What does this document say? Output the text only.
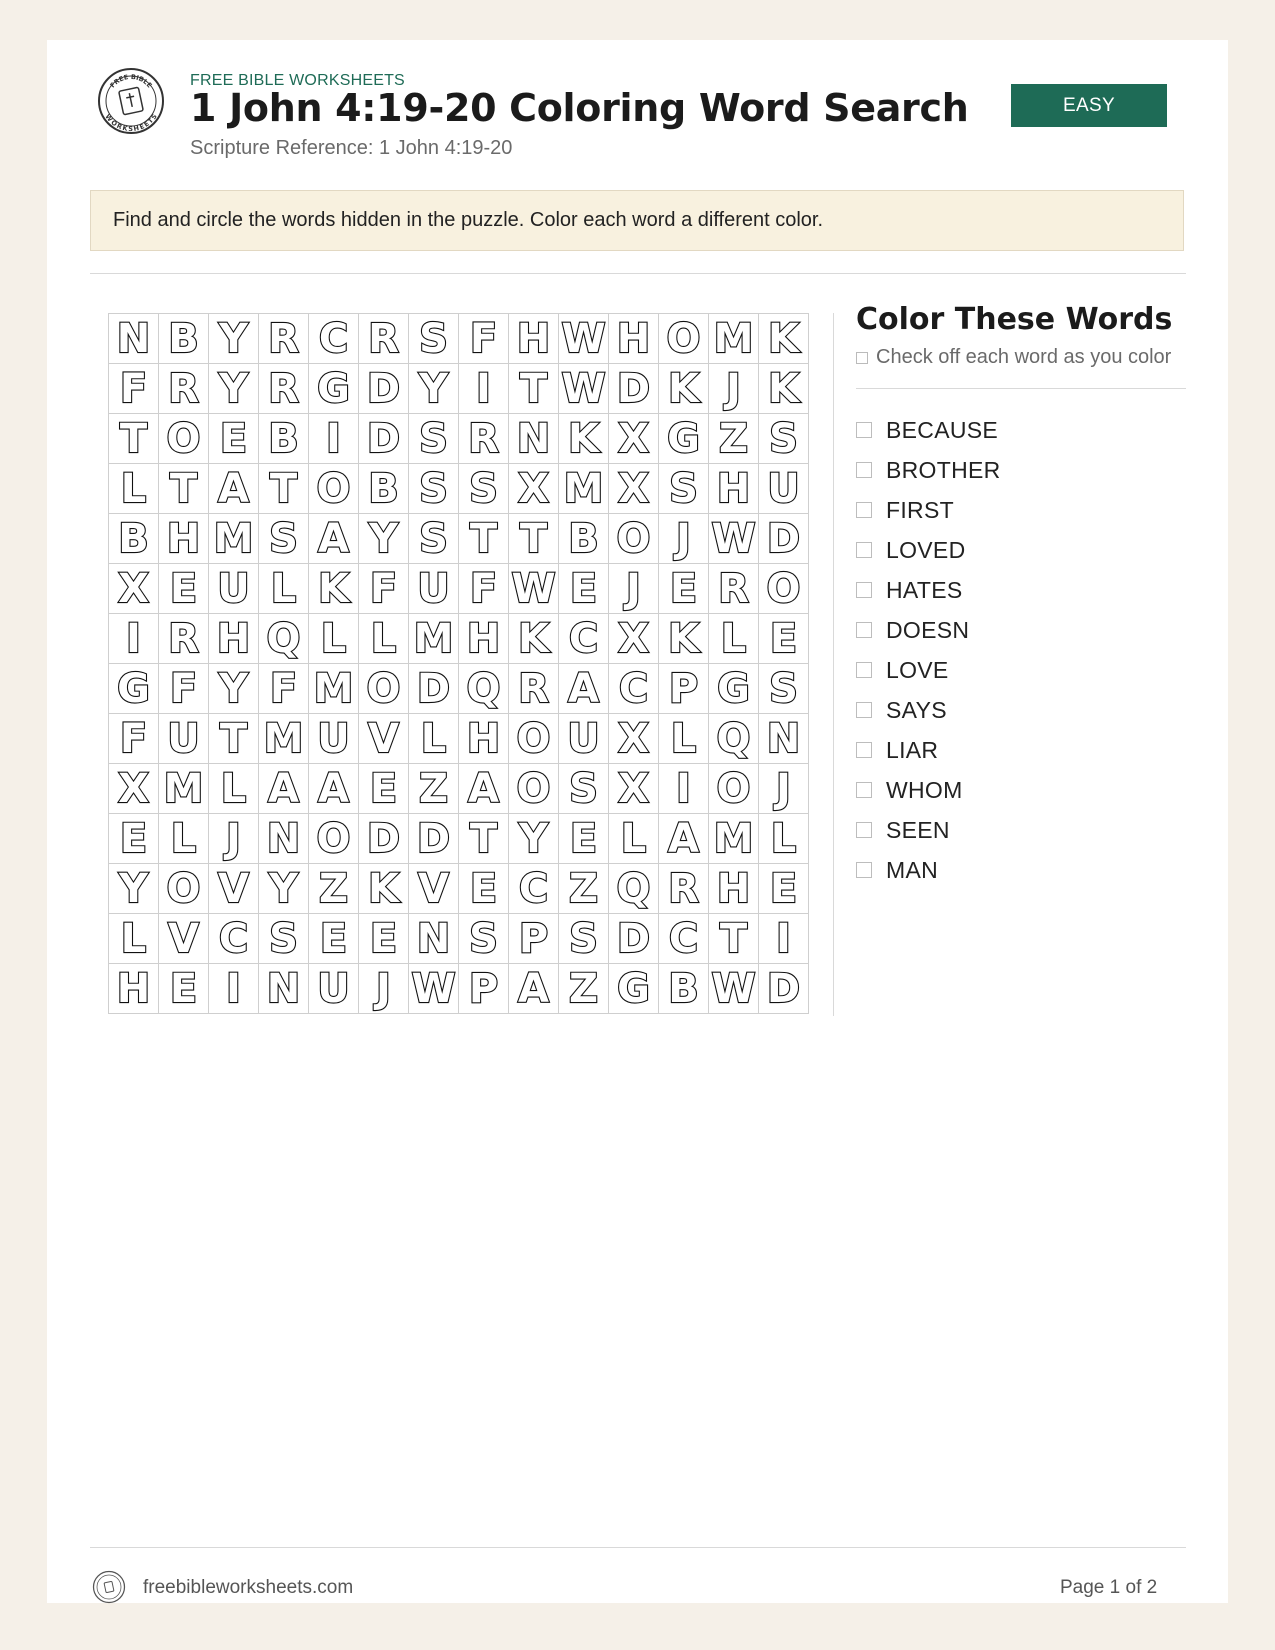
FREE BIBLE
WORKSHEETS
FREE BIBLE WORKSHEETS
1 John 4:19-20 Coloring Word Search
Scripture Reference: 1 John 4:19-20
EASY
Find and circle the words hidden in the puzzle. Color each word a different color.
N B Y R C R S F H W H O M K
F R Y R G D Y I T W D K J K
T O E B I D S R N K X G Z S
L T A T O B S S X M X S H U
B H M S A Y S T T B O J W D
X E U L K F U F W E J E R O
I R H Q L L M H K C X K L E
G F Y F M O D Q R A C P G S
F U T M U V L H O U X L Q N
X M L A A E Z A O S X I O J
E L J N O D D T Y E L A M L
Y O V Y Z K V E C Z Q R H E
L V C S E E N S P S D C T I
H E I N U J W P A Z G B W D
Color These Words
Check off each word as you color
BECAUSE
BROTHER
FIRST
LOVED
HATES
DOESN
LOVE
SAYS
LIAR
WHOM
SEEN
MAN
freebibleworksheets.com	Page 1 of 2
